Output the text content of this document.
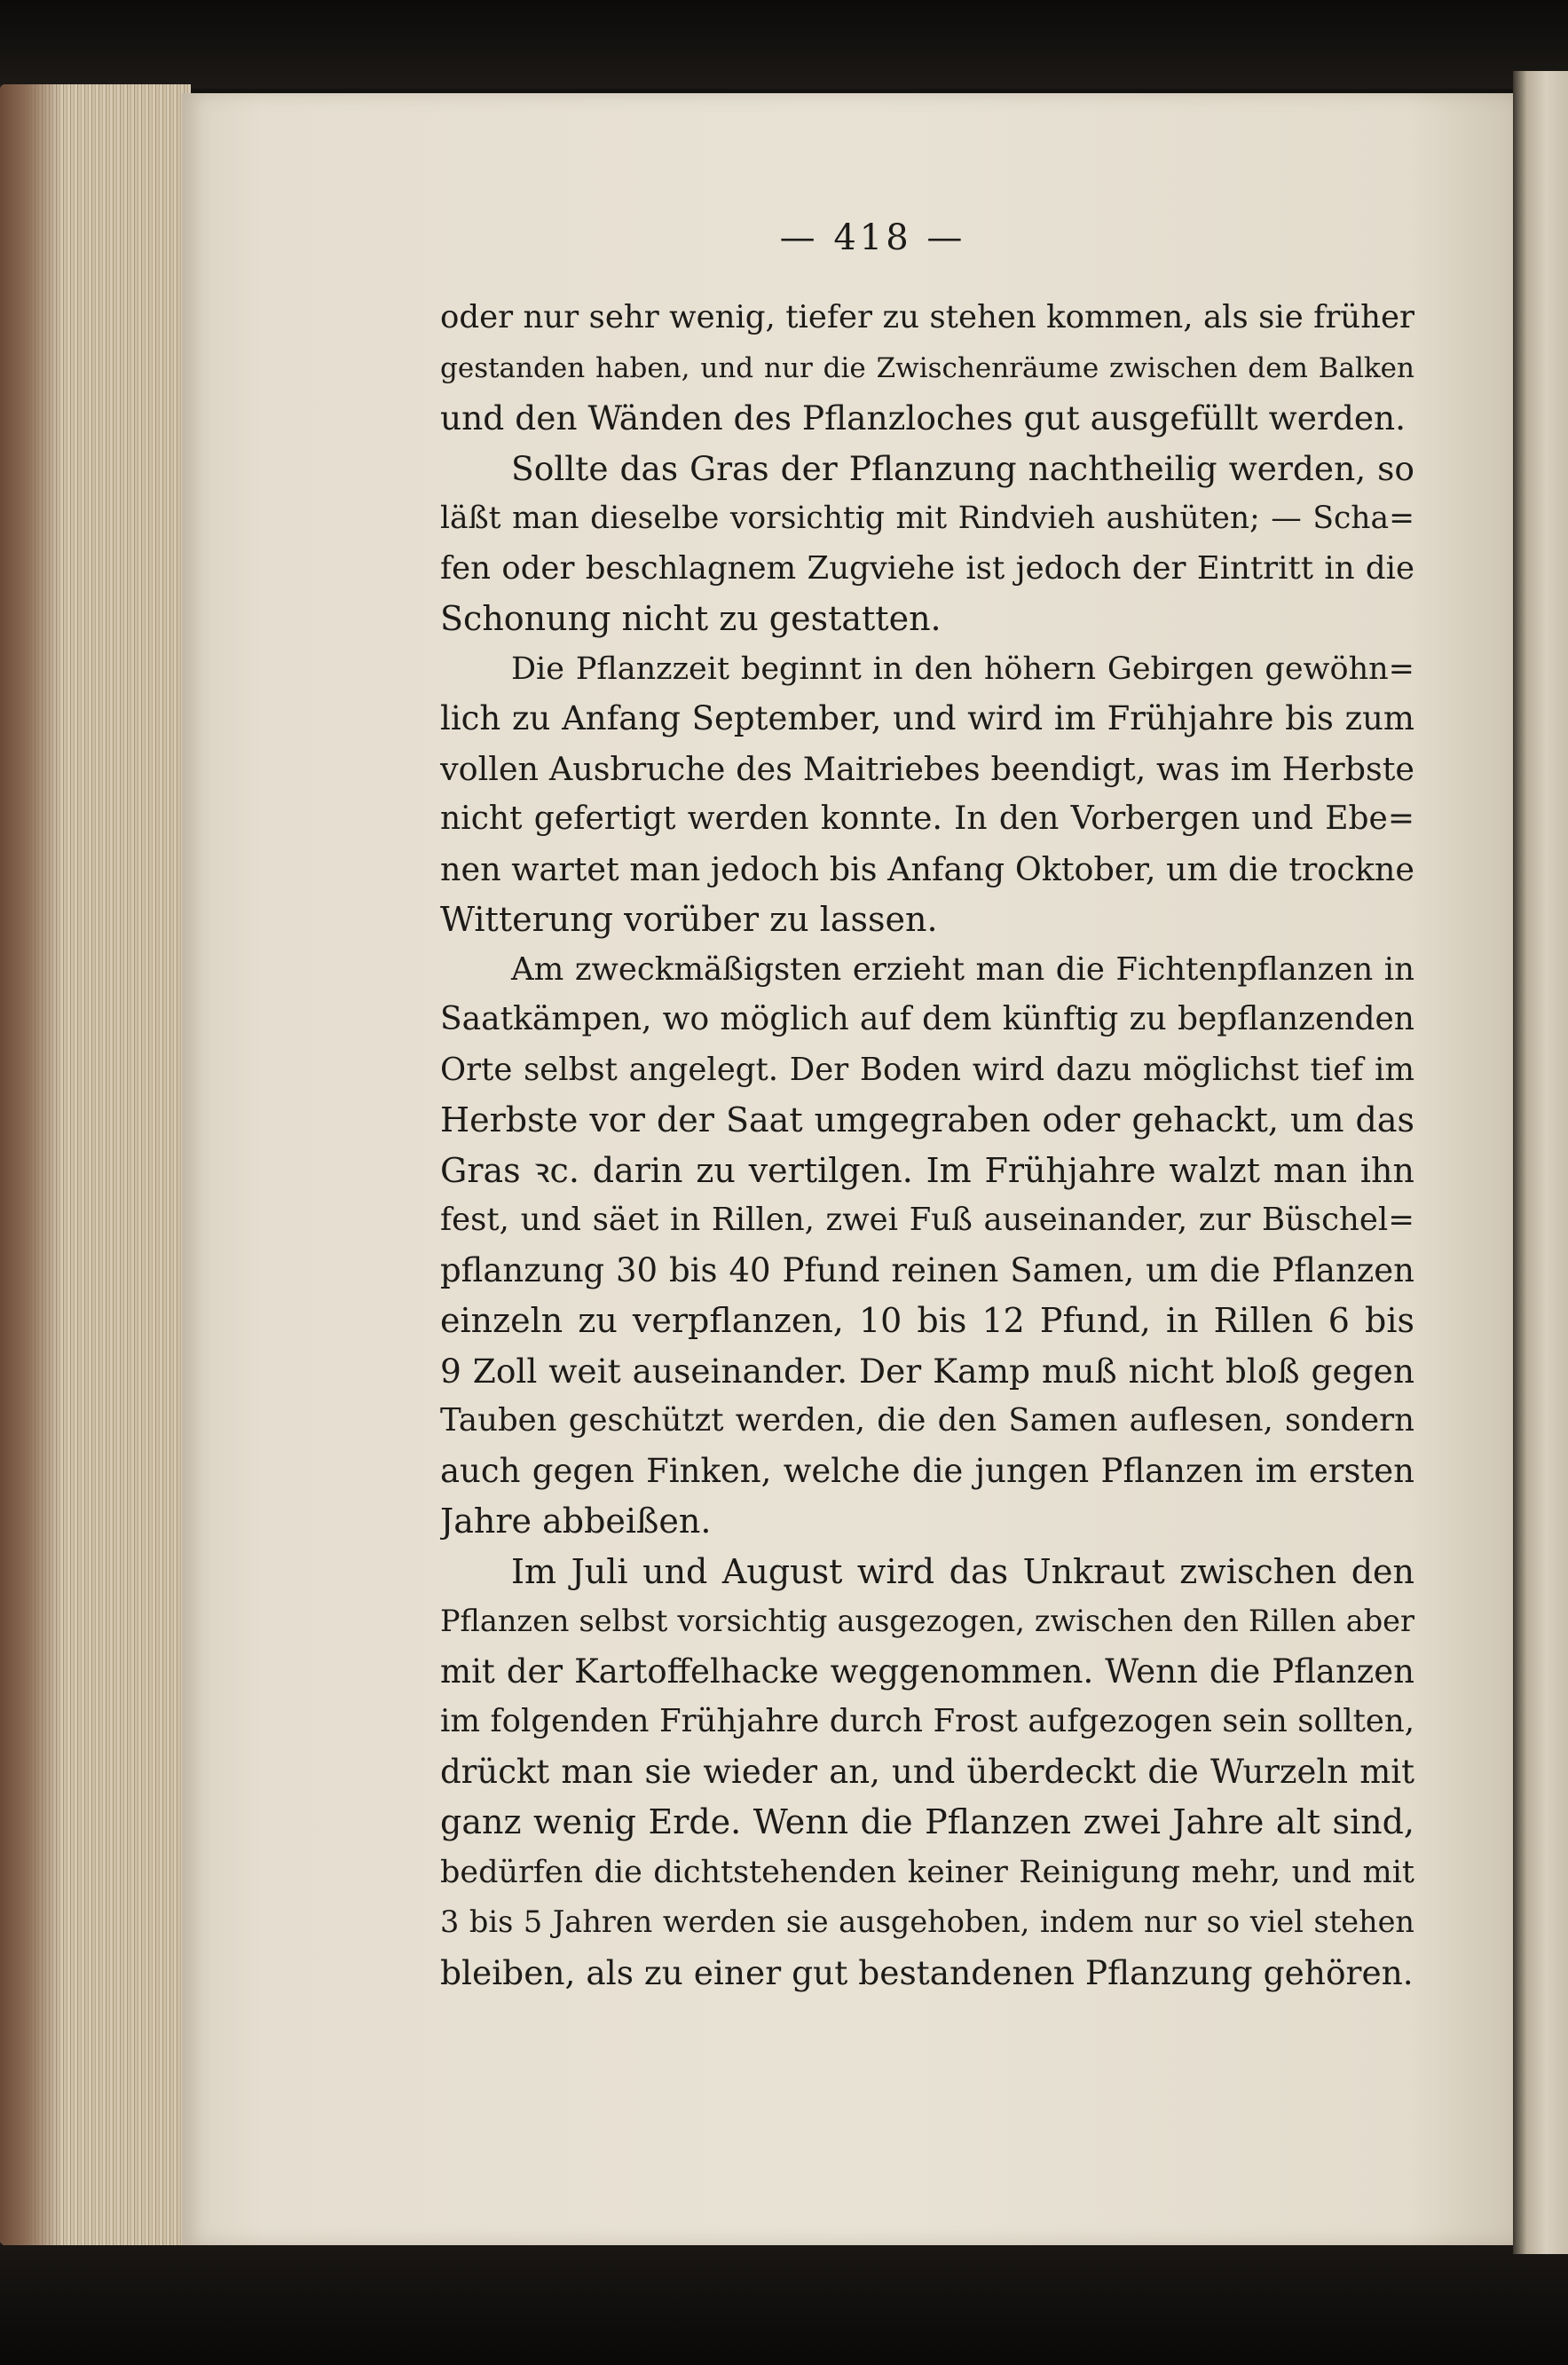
— 418 —
oder nur sehr wenig, tiefer zu stehen kommen, als sie früher
gestanden haben, und nur die Zwischenräume zwischen dem Balken
und den Wänden des Pflanzloches gut ausgefüllt werden.
Sollte das Gras der Pflanzung nachtheilig werden, so
läßt man dieselbe vorsichtig mit Rindvieh aushüten; — Scha=
fen oder beschlagnem Zugviehe ist jedoch der Eintritt in die
Schonung nicht zu gestatten.
Die Pflanzzeit beginnt in den höhern Gebirgen gewöhn=
lich zu Anfang September, und wird im Frühjahre bis zum
vollen Ausbruche des Maitriebes beendigt, was im Herbste
nicht gefertigt werden konnte. In den Vorbergen und Ebe=
nen wartet man jedoch bis Anfang Oktober, um die trockne
Witterung vorüber zu lassen.
Am zweckmäßigsten erzieht man die Fichtenpflanzen in
Saatkämpen, wo möglich auf dem künftig zu bepflanzenden
Orte selbst angelegt. Der Boden wird dazu möglichst tief im
Herbste vor der Saat umgegraben oder gehackt, um das
Gras ꝛc. darin zu vertilgen. Im Frühjahre walzt man ihn
fest, und säet in Rillen, zwei Fuß auseinander, zur Büschel=
pflanzung 30 bis 40 Pfund reinen Samen, um die Pflanzen
einzeln zu verpflanzen, 10 bis 12 Pfund, in Rillen 6 bis
9 Zoll weit auseinander. Der Kamp muß nicht bloß gegen
Tauben geschützt werden, die den Samen auflesen, sondern
auch gegen Finken, welche die jungen Pflanzen im ersten
Jahre abbeißen.
Im Juli und August wird das Unkraut zwischen den
Pflanzen selbst vorsichtig ausgezogen, zwischen den Rillen aber
mit der Kartoffelhacke weggenommen. Wenn die Pflanzen
im folgenden Frühjahre durch Frost aufgezogen sein sollten,
drückt man sie wieder an, und überdeckt die Wurzeln mit
ganz wenig Erde. Wenn die Pflanzen zwei Jahre alt sind,
bedürfen die dichtstehenden keiner Reinigung mehr, und mit
3 bis 5 Jahren werden sie ausgehoben, indem nur so viel stehen
bleiben, als zu einer gut bestandenen Pflanzung gehören.
